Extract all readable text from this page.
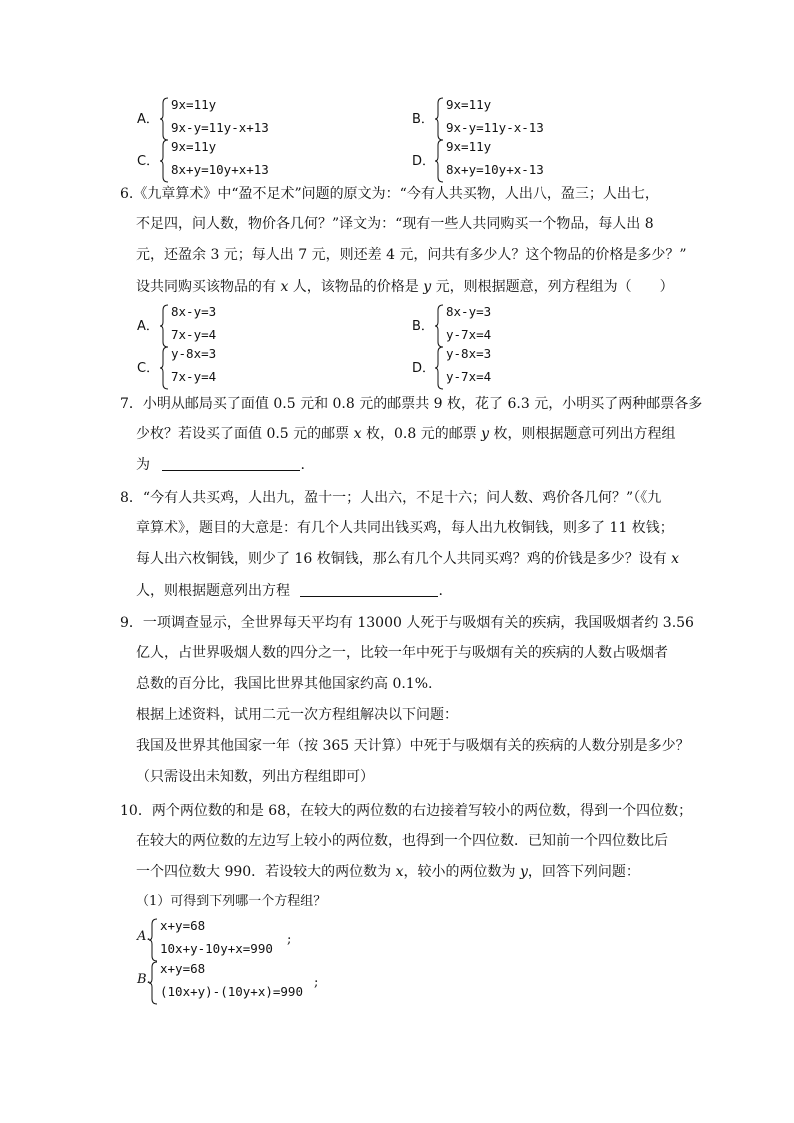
A．
9x=11y
9x-y=11y-x+13
B．
9x=11y
9x-y=11y-x-13
C．
9x=11y
8x+y=10y+x+13
D．
9x=11y
8x+y=10y+x-13
6.《九章算术》中“盈不足术”问题的原文为：“今有人共买物，人出八，盈三；人出七，
不足四，问人数，物价各几何？”译文为：“现有一些人共同购买一个物品，每人出 8
元，还盈余 3 元；每人出 7 元，则还差 4 元，问共有多少人？这个物品的价格是多少？”
设共同购买该物品的有 x 人，该物品的价格是 y 元，则根据题意，列方程组为（　　）
A．
8x-y=3
7x-y=4
B．
8x-y=3
y-7x=4
C．
y-8x=3
7x-y=4
D．
y-8x=3
y-7x=4
7．小明从邮局买了面值 0.5 元和 0.8 元的邮票共 9 枚，花了 6.3 元，小明买了两种邮票各多
少枚？若设买了面值 0.5 元的邮票 x 枚，0.8 元的邮票 y 枚，则根据题意可列出方程组
为	.
8．“今有人共买鸡，人出九，盈十一；人出六，不足十六；问人数、鸡价各几何？”（《九
章算术》，题目的大意是：有几个人共同出钱买鸡，每人出九枚铜钱，则多了 11 枚钱；
每人出六枚铜钱，则少了 16 枚铜钱，那么有几个人共同买鸡？鸡的价钱是多少？设有 x
人，则根据题意列出方程	.
9．一项调查显示，全世界每天平均有 13000 人死于与吸烟有关的疾病，我国吸烟者约 3.56
亿人，占世界吸烟人数的四分之一，比较一年中死于与吸烟有关的疾病的人数占吸烟者
总数的百分比，我国比世界其他国家约高 0.1%.
根据上述资料，试用二元一次方程组解决以下问题：
我国及世界其他国家一年（按 365 天计算）中死于与吸烟有关的疾病的人数分别是多少？
（只需设出未知数，列出方程组即可）
10．两个两位数的和是 68，在较大的两位数的右边接着写较小的两位数，得到一个四位数；
在较大的两位数的左边写上较小的两位数，也得到一个四位数．已知前一个四位数比后
一个四位数大 990．若设较大的两位数为 x，较小的两位数为 y，回答下列问题：
（1）可得到下列哪一个方程组？
A.
x+y=68
10x+y-10y+x=990
;
B.
x+y=68
(10x+y)-(10y+x)=990
;
